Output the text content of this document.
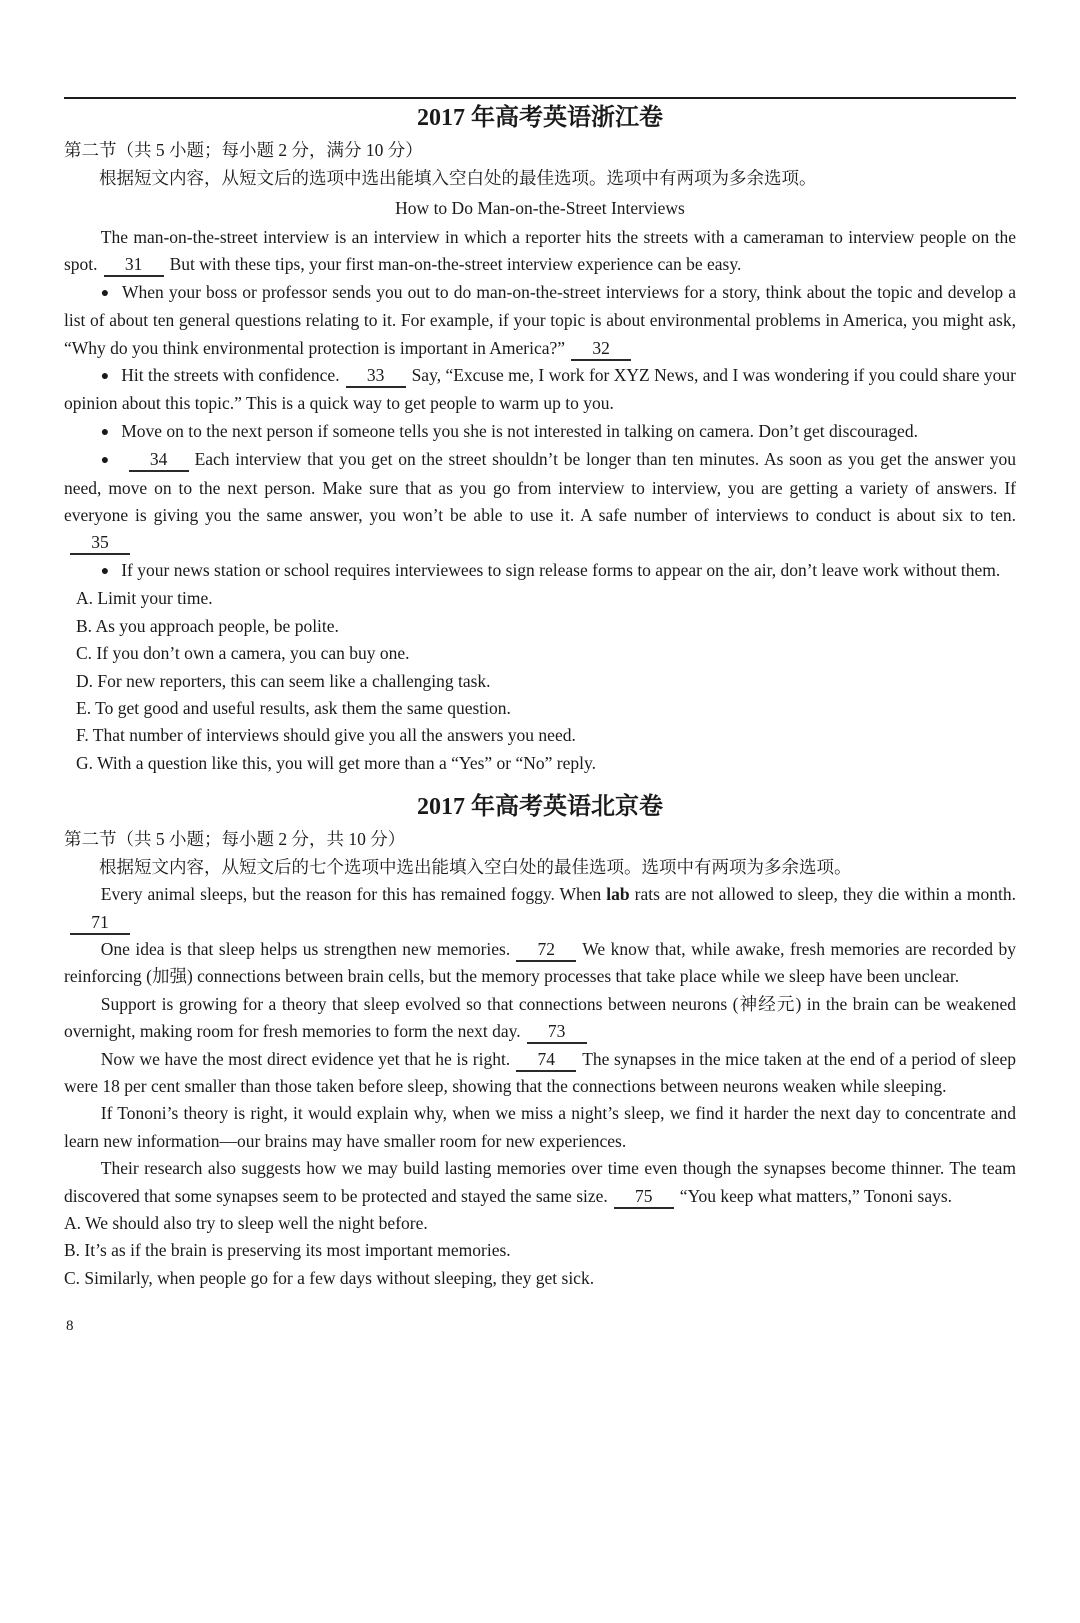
2017 年高考英语浙江卷

第二节（共 5 小题；每小题 2 分，满分 10 分）

根据短文内容，从短文后的选项中选出能填入空白处的最佳选项。选项中有两项为多余选项。

How to Do Man-on-the-Street Interviews
The man-on-the-street interview is an interview in which a reporter hits the streets with a cameraman to interview people on the spot. 31 But with these tips, your first man-on-the-street interview experience can be easy.
● When your boss or professor sends you out to do man-on-the-street interviews for a story, think about the topic and develop a list of about ten general questions relating to it. For example, if your topic is about environmental problems in America, you might ask, “Why do you think environmental protection is important in America?” 32
● Hit the streets with confidence. 33 Say, “Excuse me, I work for XYZ News, and I was wondering if you could share your opinion about this topic.” This is a quick way to get people to warm up to you.
● Move on to the next person if someone tells you she is not interested in talking on camera. Don’t get discouraged.
● 34 Each interview that you get on the street shouldn’t be longer than ten minutes. As soon as you get the answer you need, move on to the next person. Make sure that as you go from interview to interview, you are getting a variety of answers. If everyone is giving you the same answer, you won’t be able to use it. A safe number of interviews to conduct is about six to ten.35
● If your news station or school requires interviewees to sign release forms to appear on the air, don’t leave work without them.
A. Limit your time.
B. As you approach people, be polite.
C. If you don’t own a camera, you can buy one.
D. For new reporters, this can seem like a challenging task.
E. To get good and useful results, ask them the same question.
F. That number of interviews should give you all the answers you need.
G. With a question like this, you will get more than a “Yes” or “No” reply.
2017 年高考英语北京卷

第二节（共 5 小题；每小题 2 分，共 10 分）

根据短文内容，从短文后的七个选项中选出能填入空白处的最佳选项。选项中有两项为多余选项。

Every animal sleeps, but the reason for this has remained foggy. When lab rats are not allowed to sleep, they die within a month.71
One idea is that sleep helps us strengthen new memories. 72 We know that, while awake, fresh memories are recorded by reinforcing (加强) connections between brain cells, but the memory processes that take place while we sleep have been unclear.
Support is growing for a theory that sleep evolved so that connections between neurons (神经元) in the brain can be weakened overnight, making room for fresh memories to form the next day. 73
Now we have the most direct evidence yet that he is right. 74 The synapses in the mice taken at the end of a period of sleep were 18 per cent smaller than those taken before sleep, showing that the connections between neurons weaken while sleeping.
If Tononi’s theory is right, it would explain why, when we miss a night’s sleep, we find it harder the next day to concentrate and learn new information—our brains may have smaller room for new experiences.
Their research also suggests how we may build lasting memories over time even though the synapses become thinner. The team discovered that some synapses seem to be protected and stayed the same size. 75 “You keep what matters,” Tononi says.
A. We should also try to sleep well the night before.
B. It’s as if the brain is preserving its most important memories.
C. Similarly, when people go for a few days without sleeping, they get sick.
8
